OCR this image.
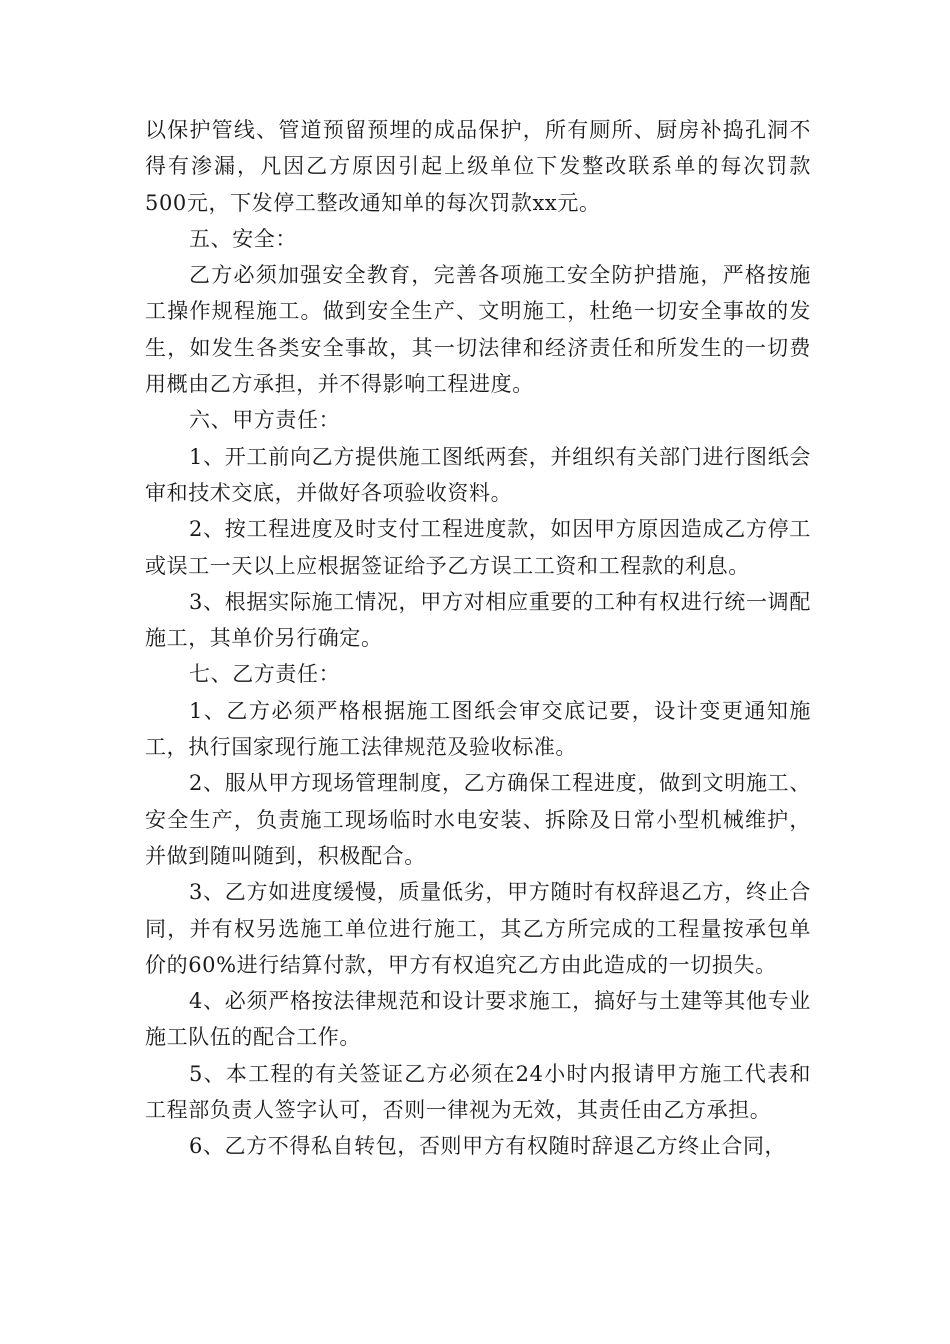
以保护管线、管道预留预埋的成品保护，所有厕所、厨房补捣孔洞不得有渗漏，凡因乙方原因引起上级单位下发整改联系单的每次罚款500元，下发停工整改通知单的每次罚款xx元。

五、安全：

乙方必须加强安全教育，完善各项施工安全防护措施，严格按施工操作规程施工。做到安全生产、文明施工，杜绝一切安全事故的发生，如发生各类安全事故，其一切法律和经济责任和所发生的一切费用概由乙方承担，并不得影响工程进度。

六、甲方责任：

1、开工前向乙方提供施工图纸两套，并组织有关部门进行图纸会审和技术交底，并做好各项验收资料。

2、按工程进度及时支付工程进度款，如因甲方原因造成乙方停工或误工一天以上应根据签证给予乙方误工工资和工程款的利息。

3、根据实际施工情况，甲方对相应重要的工种有权进行统一调配施工，其单价另行确定。

七、乙方责任：

1、乙方必须严格根据施工图纸会审交底记要，设计变更通知施工，执行国家现行施工法律规范及验收标准。

2、服从甲方现场管理制度，乙方确保工程进度，做到文明施工、安全生产，负责施工现场临时水电安装、拆除及日常小型机械维护，并做到随叫随到，积极配合。

3、乙方如进度缓慢，质量低劣，甲方随时有权辞退乙方，终止合同，并有权另选施工单位进行施工，其乙方所完成的工程量按承包单价的60%进行结算付款，甲方有权追究乙方由此造成的一切损失。

4、必须严格按法律规范和设计要求施工，搞好与土建等其他专业施工队伍的配合工作。

5、本工程的有关签证乙方必须在24小时内报请甲方施工代表和工程部负责人签字认可，否则一律视为无效，其责任由乙方承担。

6、乙方不得私自转包，否则甲方有权随时辞退乙方终止合同，
